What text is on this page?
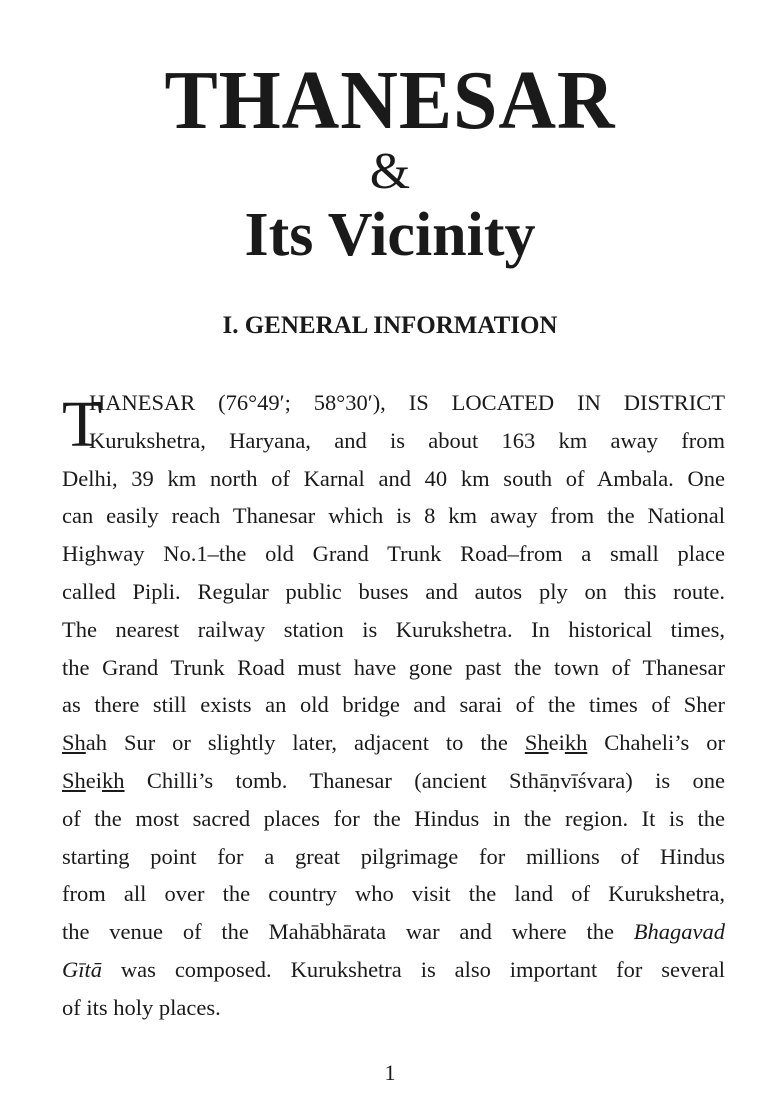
THANESAR
&
Its Vicinity
I. GENERAL INFORMATION
T
HANESAR (76°49′; 58°30′), IS LOCATED IN DISTRICT
Kurukshetra, Haryana, and is about 163 km away from
Delhi, 39 km north of Karnal and 40 km south of Ambala. One
can easily reach Thanesar which is 8 km away from the National
Highway No.1–the old Grand Trunk Road–from a small place
called Pipli. Regular public buses and autos ply on this route.
The nearest railway station is Kurukshetra. In historical times,
the Grand Trunk Road must have gone past the town of Thanesar
as there still exists an old bridge and sarai of the times of Sher
Shah Sur or slightly later, adjacent to the Sheikh Chaheli’s or
Sheikh Chilli’s tomb. Thanesar (ancient Sthāṇvīśvara) is one
of the most sacred places for the Hindus in the region. It is the
starting point for a great pilgrimage for millions of Hindus
from all over the country who visit the land of Kurukshetra,
the venue of the Mahābhārata war and where the Bhagavad
Gītā was composed. Kurukshetra is also important for several
of its holy places.
1
